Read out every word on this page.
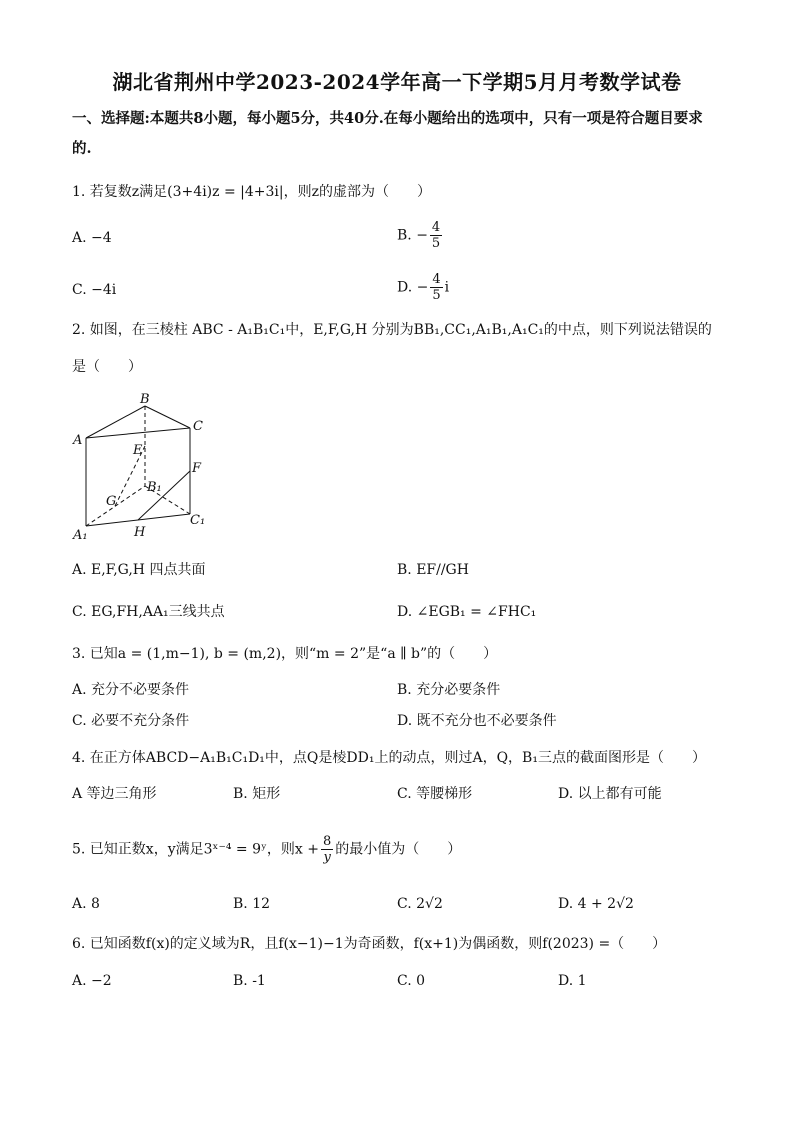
湖北省荆州中学2023-2024学年高一下学期5月月考数学试卷
一、选择题:本题共8小题，每小题5分，共40分.在每小题给出的选项中，只有一项是符合题目要求的.
1. 若复数z满足(3+4i)z = |4+3i|，则z的虚部为（　　）
A. −4	B. − $\frac{4}{5}$
C. −4i	D. − $\frac{4}{5}$ i
2. 如图，在三棱柱 ABC - A₁B₁C₁中，E,F,G,H 分别为BB₁,CC₁,A₁B₁,A₁C₁的中点，则下列说法错误的
是（　　）
B
A
C
E
F
G
B₁
A₁	H
C₁
A. E,F,G,H 四点共面	B. EF//GH
C. EG,FH,AA₁三线共点	D. ∠EGB₁ = ∠FHC₁
3. 已知a = (1,m−1), b = (m,2)，则“m = 2”是“a ∥ b”的（　　）
A. 充分不必要条件	B. 充分必要条件
C. 必要不充分条件	D. 既不充分也不必要条件
4. 在正方体ABCD−A₁B₁C₁D₁中，点Q是棱DD₁上的动点，则过A，Q，B₁三点的截面图形是（　　）
A 等边三角形	B. 矩形	C. 等腰梯形	D. 以上都有可能
5. 已知正数x，y满足3ˣ⁻⁴ = 9ʸ，则$x + \frac{8}{y}$ 的最小值为（　　）
A. 8	B. 12	C. 2√2	D. 4 + 2√2
6. 已知函数f(x)的定义域为R，且f(x−1)−1为奇函数，f(x+1)为偶函数，则f(2023) =（　　）
A. −2	B. -1	C. 0	D. 1
